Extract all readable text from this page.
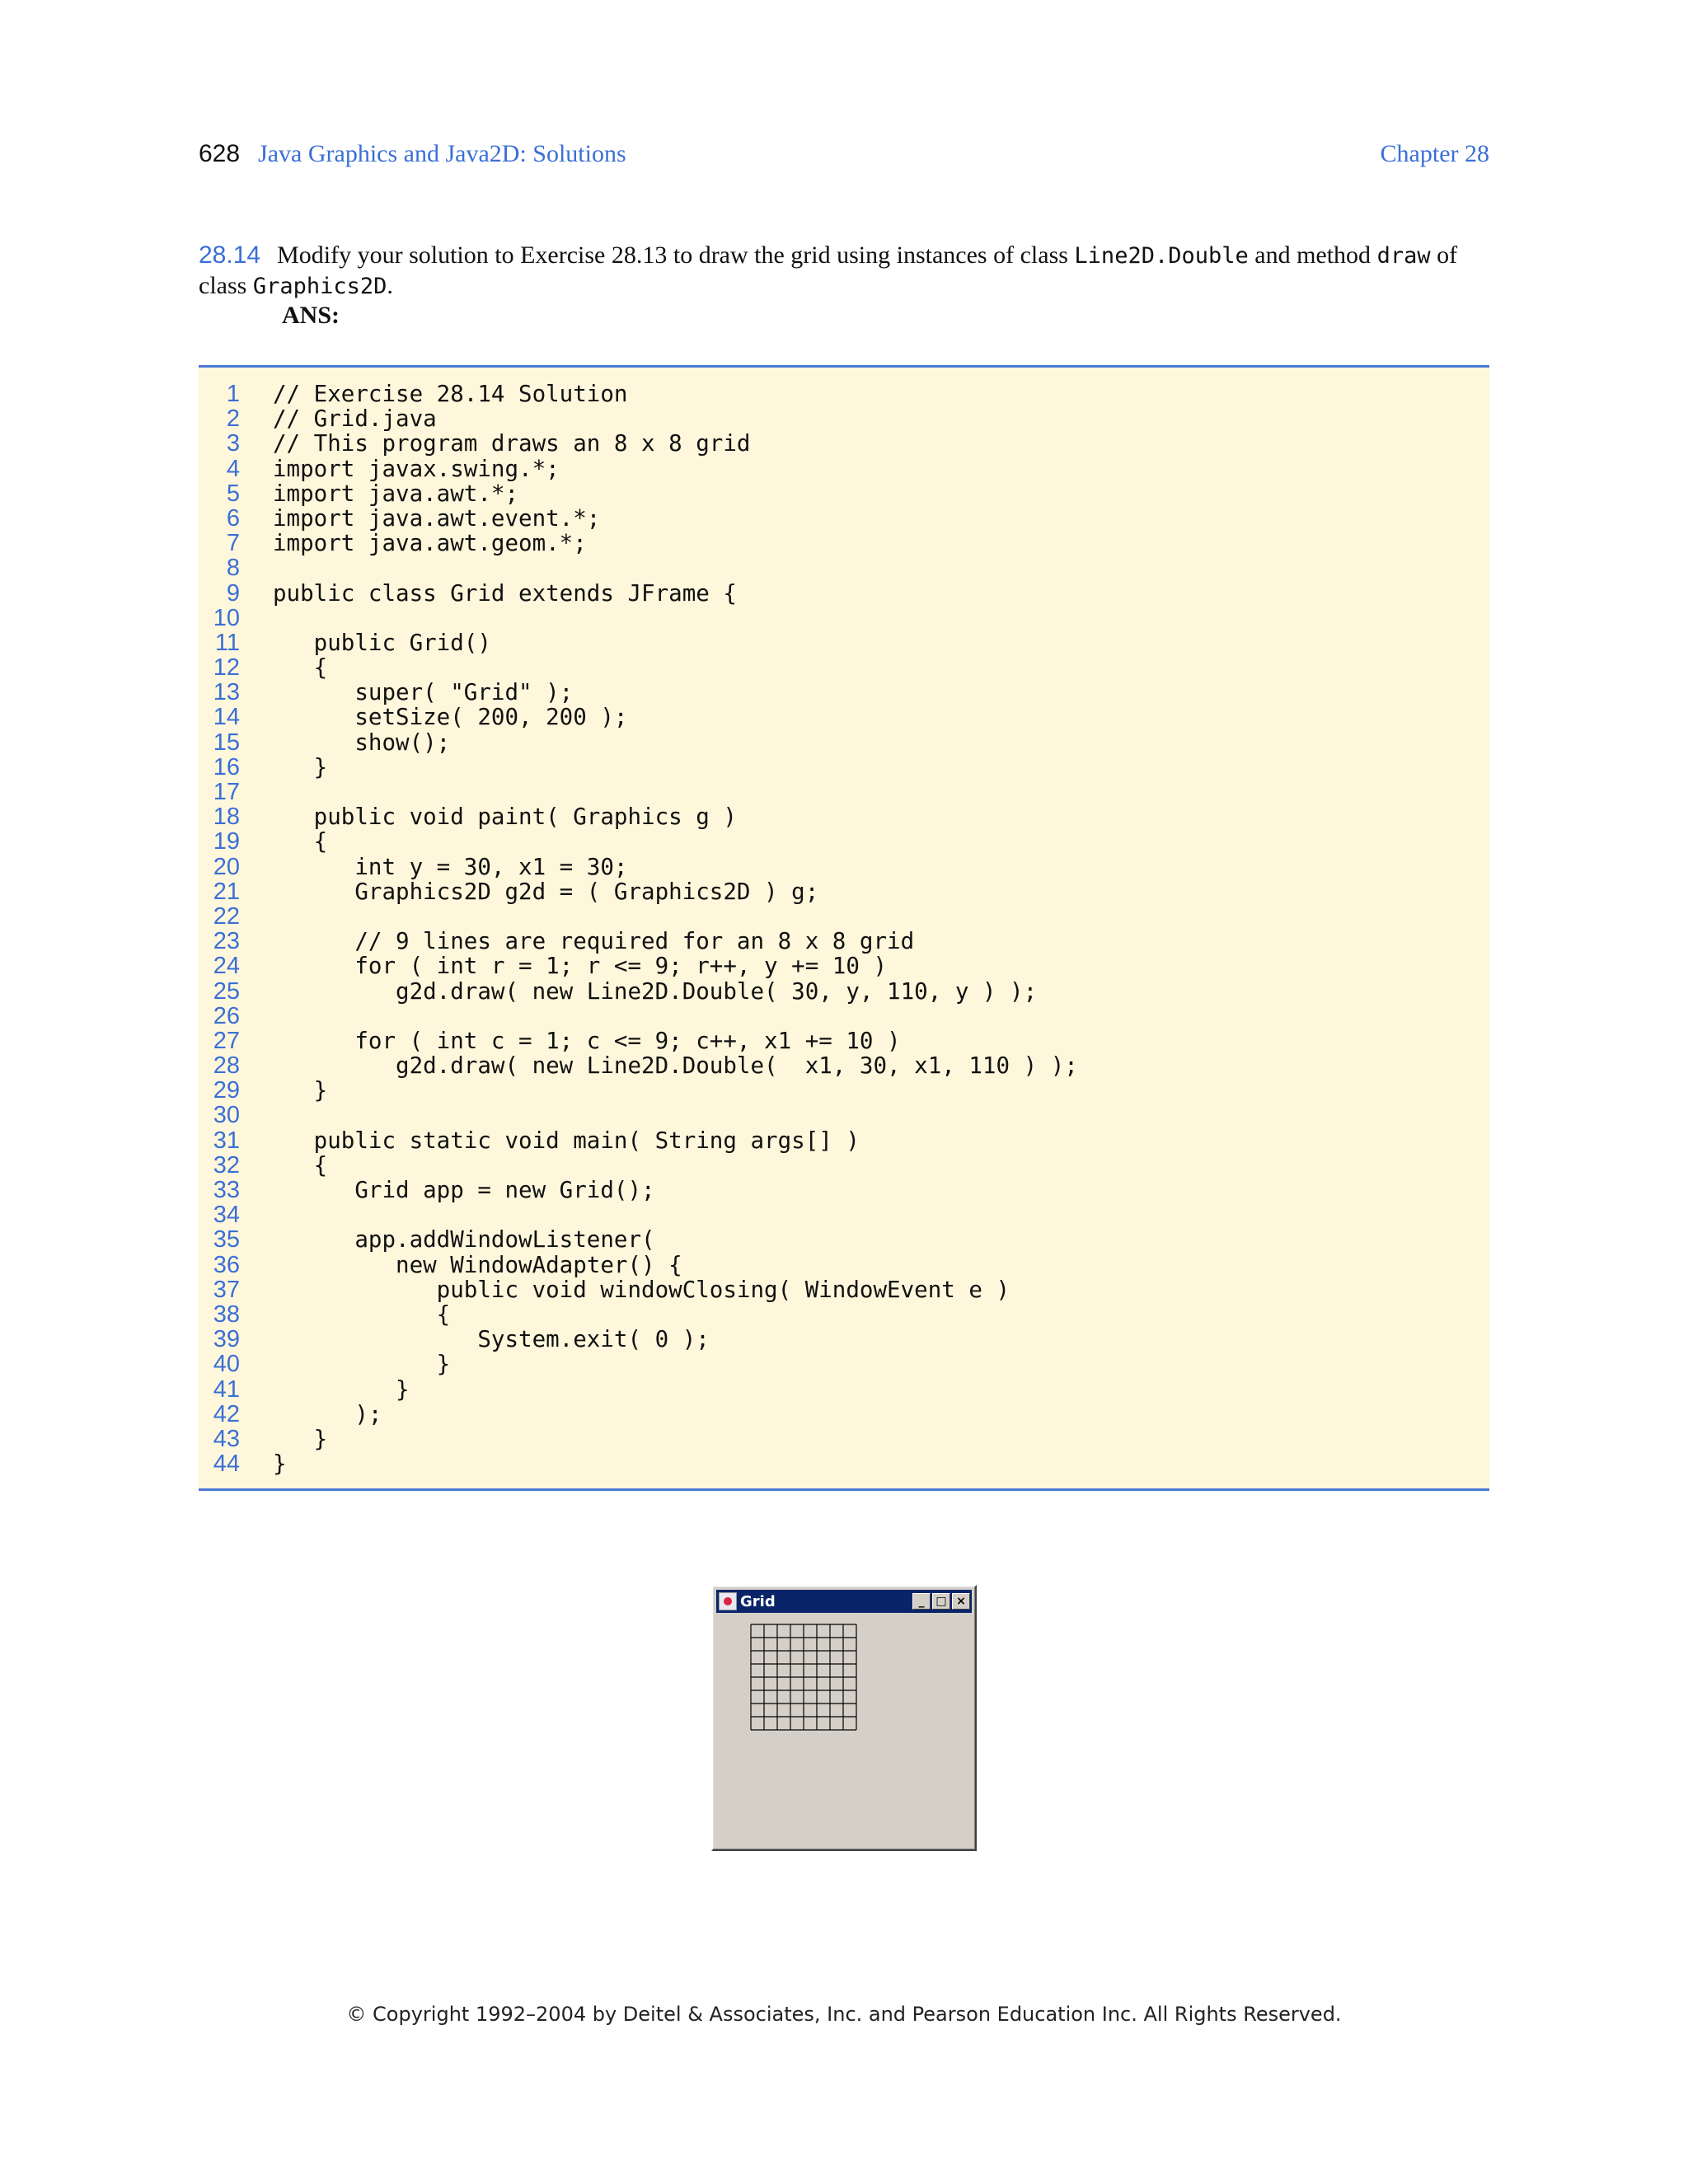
628 Java Graphics and Java2D: Solutions	Chapter 28
28.14 Modify your solution to Exercise 28.13 to draw the grid using instances of class Line2D.Double and method draw of class Graphics2D.
ANS:
1 // Exercise 28.14 Solution
2 // Grid.java
3 // This program draws an 8 x 8 grid
4 import javax.swing.*;
5 import java.awt.*;
6 import java.awt.event.*;
7 import java.awt.geom.*;
8
9 public class Grid extends JFrame {
10
11 public Grid()
12 {
13 super( "Grid" );
14 setSize( 200, 200 );
15 show();
16 }
17
18 public void paint( Graphics g )
19 {
20 int y = 30, x1 = 30;
21 Graphics2D g2d = ( Graphics2D ) g;
22
23 // 9 lines are required for an 8 x 8 grid
24 for ( int r = 1; r <= 9; r++, y += 10 )
25 g2d.draw( new Line2D.Double( 30, y, 110, y ) );
26
27 for ( int c = 1; c <= 9; c++, x1 += 10 )
28 g2d.draw( new Line2D.Double(  x1, 30, x1, 110 ) );
29 }
30
31 public static void main( String args[] )
32 {
33 Grid app = new Grid();
34
35 app.addWindowListener(
36 new WindowAdapter() {
37 public void windowClosing( WindowEvent e )
38 {
39 System.exit( 0 );
40 }
41 }
42 );
43 }
44 }
Grid	_ □ ×
© Copyright 1992–2004 by Deitel & Associates, Inc. and Pearson Education Inc. All Rights Reserved.
